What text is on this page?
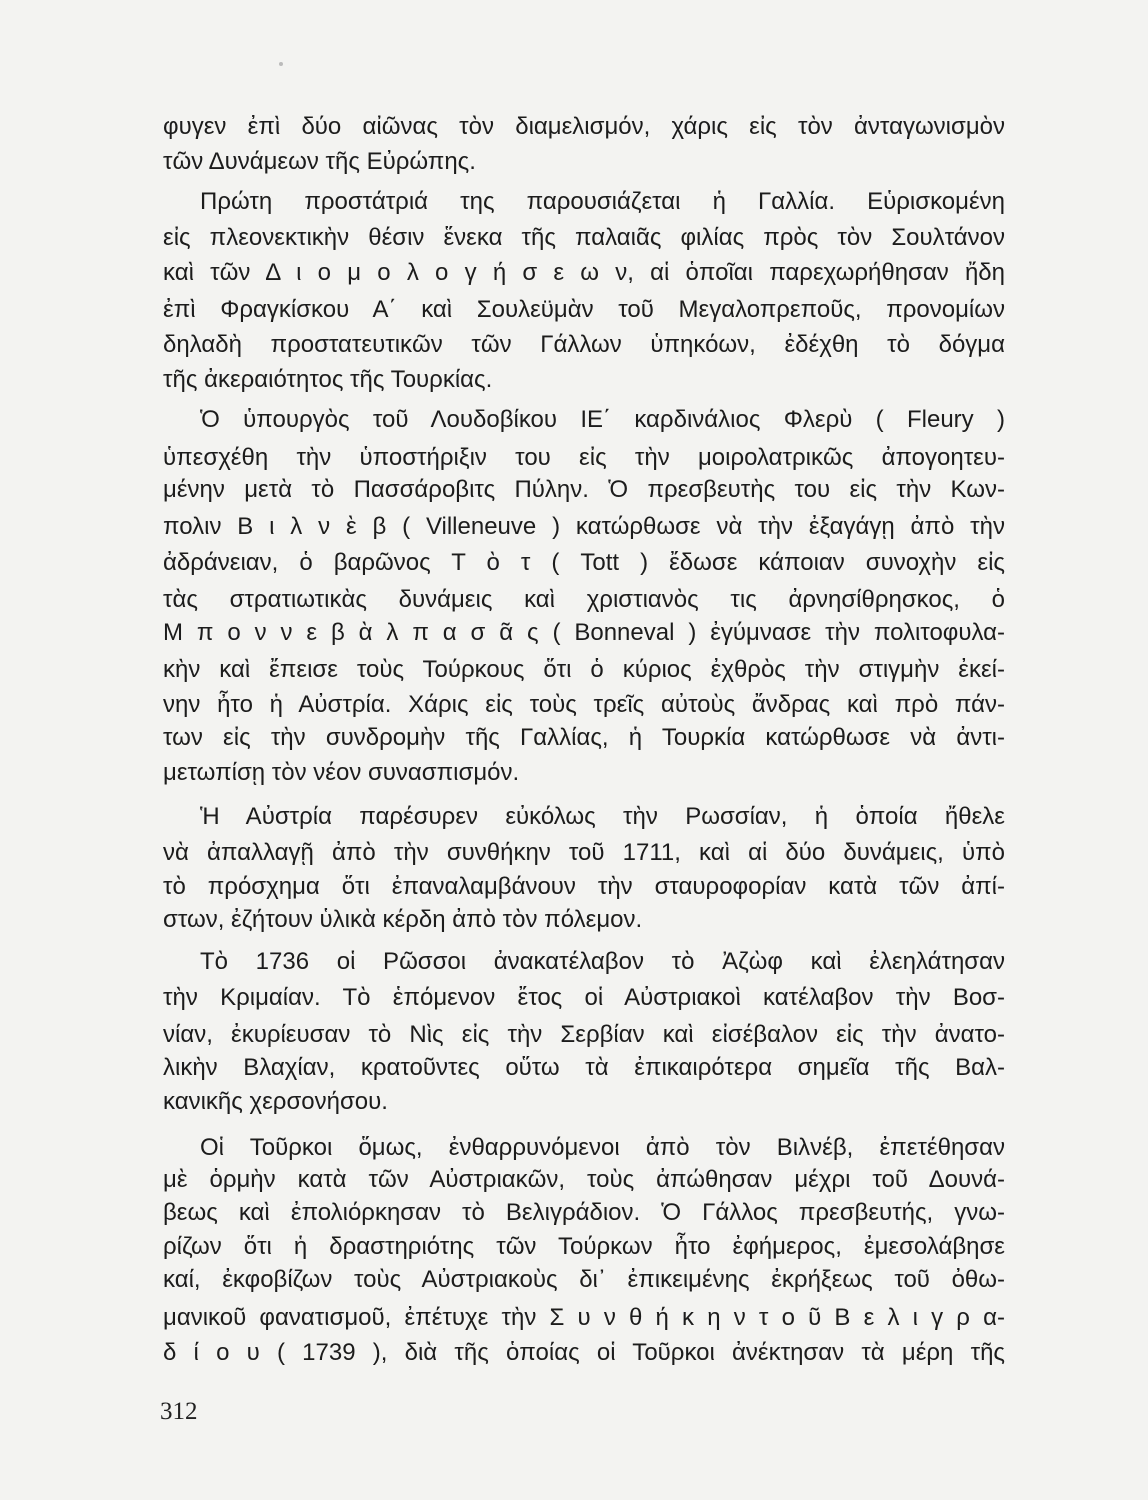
φυγεν ἐπὶ δύο αἰῶνας τὸν διαμελισμόν, χάρις εἰς τὸν ἀνταγωνισμὸν
τῶν Δυνάμεων τῆς Εὐρώπης.
Πρώτη προστάτριά της παρουσιάζεται ἡ Γαλλία. Εὑρισκομένη
εἰς πλεονεκτικὴν θέσιν ἕνεκα τῆς παλαιᾶς φιλίας πρὸς τὸν Σουλτάνον
καὶ τῶν Δ ι ο μ ο λ ο γ ή σ ε ω ν, αἱ ὁποῖαι παρεχωρήθησαν ἤδη
ἐπὶ Φραγκίσκου Α΄ καὶ Σουλεϋμὰν τοῦ Μεγαλοπρεποῦς, προνομίων
δηλαδὴ προστατευτικῶν τῶν Γάλλων ὑπηκόων, ἐδέχθη τὸ δόγμα
τῆς ἀκεραιότητος τῆς Τουρκίας.
Ὁ ὑπουργὸς τοῦ Λουδοβίκου ΙΕ΄ καρδινάλιος Φλερὺ ( Fleury )
ὑπεσχέθη τὴν ὑποστήριξιν του εἰς τὴν μοιρολατρικῶς ἀπογοητευ-
μένην μετὰ τὸ Πασσάροβιτς Πύλην. Ὁ πρεσβευτὴς του εἰς τὴν Κων-
πολιν Β ι λ ν ὲ β ( Villeneuve ) κατώρθωσε νὰ τὴν ἐξαγάγῃ ἀπὸ τὴν
ἀδράνειαν, ὁ βαρῶνος Τ ὸ τ ( Tott ) ἔδωσε κάποιαν συνοχὴν εἰς
τὰς στρατιωτικὰς δυνάμεις καὶ χριστιανὸς τις ἀρνησίθρησκος, ὁ
Μ π ο ν ν ε β ὰ λ π α σ ᾶ ς ( Bonneval ) ἐγύμνασε τὴν πολιτοφυλα-
κὴν καὶ ἔπεισε τοὺς Τούρκους ὅτι ὁ κύριος ἐχθρὸς τὴν στιγμὴν ἐκεί-
νην ἦτο ἡ Αὐστρία. Χάρις εἰς τοὺς τρεῖς αὐτοὺς ἄνδρας καὶ πρὸ πάν-
των εἰς τὴν συνδρομὴν τῆς Γαλλίας, ἡ Τουρκία κατώρθωσε νὰ ἀντι-
μετωπίσῃ τὸν νέον συνασπισμόν.
Ἡ Αὐστρία παρέσυρεν εὐκόλως τὴν Ρωσσίαν, ἡ ὁποία ἤθελε
νὰ ἀπαλλαγῇ ἀπὸ τὴν συνθήκην τοῦ 1711, καὶ αἱ δύο δυνάμεις, ὑπὸ
τὸ πρόσχημα ὅτι ἐπαναλαμβάνουν τὴν σταυροφορίαν κατὰ τῶν ἀπί-
στων, ἐζήτουν ὑλικὰ κέρδη ἀπὸ τὸν πόλεμον.
Τὸ 1736 οἱ Ρῶσσοι ἀνακατέλαβον τὸ Ἀζὼφ καὶ ἐλεηλάτησαν
τὴν Κριμαίαν. Τὸ ἑπόμενον ἔτος οἱ Αὐστριακοὶ κατέλαβον τὴν Βοσ-
νίαν, ἐκυρίευσαν τὸ Νὶς εἰς τὴν Σερβίαν καὶ εἰσέβαλον εἰς τὴν ἀνατο-
λικὴν Βλαχίαν, κρατοῦντες οὕτω τὰ ἐπικαιρότερα σημεῖα τῆς Βαλ-
κανικῆς χερσονήσου.
Οἱ Τοῦρκοι ὅμως, ἐνθαρρυνόμενοι ἀπὸ τὸν Βιλνέβ, ἐπετέθησαν
μὲ ὁρμὴν κατὰ τῶν Αὐστριακῶν, τοὺς ἀπώθησαν μέχρι τοῦ Δουνά-
βεως καὶ ἐπολιόρκησαν τὸ Βελιγράδιον. Ὁ Γάλλος πρεσβευτής, γνω-
ρίζων ὅτι ἡ δραστηριότης τῶν Τούρκων ἦτο ἐφήμερος, ἐμεσολάβησε
καί, ἐκφοβίζων τοὺς Αὐστριακοὺς δι᾽ ἐπικειμένης ἐκρήξεως τοῦ ὀθω-
μανικοῦ φανατισμοῦ, ἐπέτυχε τὴν Σ υ ν θ ή κ η ν τ ο ῦ Β ε λ ι γ ρ α-
δ ί ο υ ( 1739 ), διὰ τῆς ὁποίας οἱ Τοῦρκοι ἀνέκτησαν τὰ μέρη τῆς
312
